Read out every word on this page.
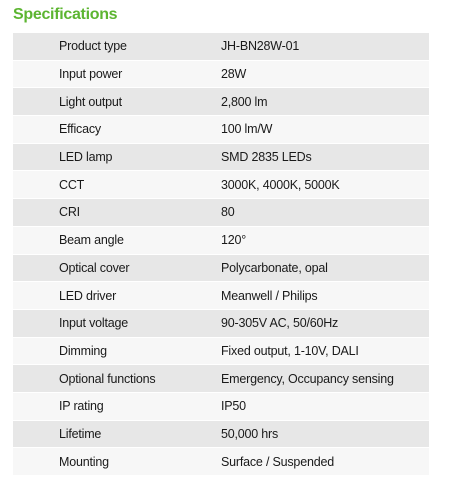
Specifications
Product type	JH-BN28W-01
Input power	28W
Light output	2,800 lm
Efficacy	100 lm/W
LED lamp	SMD 2835 LEDs
CCT	3000K, 4000K, 5000K
CRI	80
Beam angle	120°
Optical cover	Polycarbonate, opal
LED driver	Meanwell / Philips
Input voltage	90-305V AC, 50/60Hz
Dimming	Fixed output, 1-10V, DALI
Optional functions	Emergency, Occupancy sensing
IP rating	IP50
Lifetime	50,000 hrs
Mounting	Surface / Suspended
